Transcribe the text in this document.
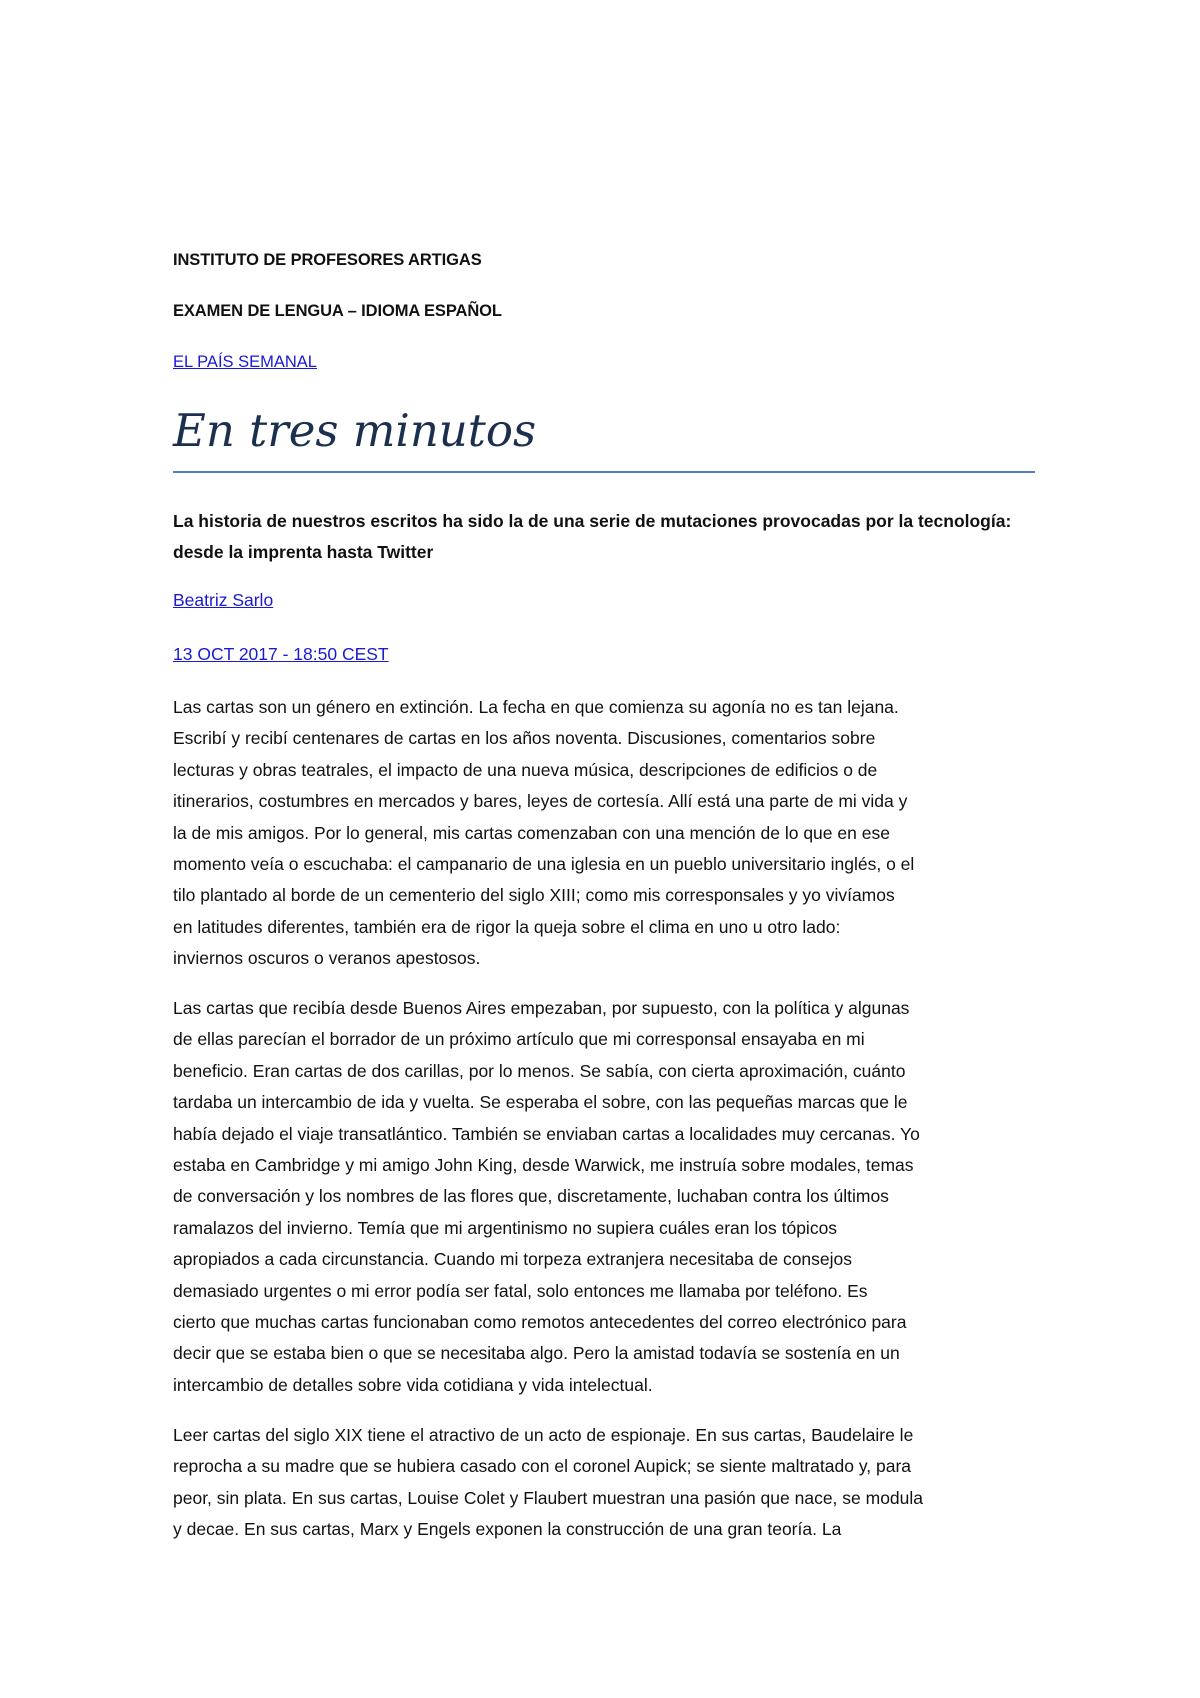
INSTITUTO DE PROFESORES ARTIGAS
EXAMEN DE LENGUA – IDIOMA ESPAÑOL
EL PAÍS SEMANAL
En tres minutos

La historia de nuestros escritos ha sido la de una serie de mutaciones provocadas por la tecnología: desde la imprenta hasta Twitter

Beatriz Sarlo
13 OCT 2017 - 18:50 CEST

Las cartas son un género en extinción. La fecha en que comienza su agonía no es tan lejana.
Escribí y recibí centenares de cartas en los años noventa. Discusiones, comentarios sobre
lecturas y obras teatrales, el impacto de una nueva música, descripciones de edificios o de
itinerarios, costumbres en mercados y bares, leyes de cortesía. Allí está una parte de mi vida y
la de mis amigos. Por lo general, mis cartas comenzaban con una mención de lo que en ese
momento veía o escuchaba: el campanario de una iglesia en un pueblo universitario inglés, o el
tilo plantado al borde de un cementerio del siglo XIII; como mis corresponsales y yo vivíamos
en latitudes diferentes, también era de rigor la queja sobre el clima en uno u otro lado:
inviernos oscuros o veranos apestosos.

Las cartas que recibía desde Buenos Aires empezaban, por supuesto, con la política y algunas
de ellas parecían el borrador de un próximo artículo que mi corresponsal ensayaba en mi
beneficio. Eran cartas de dos carillas, por lo menos. Se sabía, con cierta aproximación, cuánto
tardaba un intercambio de ida y vuelta. Se esperaba el sobre, con las pequeñas marcas que le
había dejado el viaje transatlántico. También se enviaban cartas a localidades muy cercanas. Yo
estaba en Cambridge y mi amigo John King, desde Warwick, me instruía sobre modales, temas
de conversación y los nombres de las flores que, discretamente, luchaban contra los últimos
ramalazos del invierno. Temía que mi argentinismo no supiera cuáles eran los tópicos
apropiados a cada circunstancia. Cuando mi torpeza extranjera necesitaba de consejos
demasiado urgentes o mi error podía ser fatal, solo entonces me llamaba por teléfono. Es
cierto que muchas cartas funcionaban como remotos antecedentes del correo electrónico para
decir que se estaba bien o que se necesitaba algo. Pero la amistad todavía se sostenía en un
intercambio de detalles sobre vida cotidiana y vida intelectual.

Leer cartas del siglo XIX tiene el atractivo de un acto de espionaje. En sus cartas, Baudelaire le
reprocha a su madre que se hubiera casado con el coronel Aupick; se siente maltratado y, para
peor, sin plata. En sus cartas, Louise Colet y Flaubert muestran una pasión que nace, se modula
y decae. En sus cartas, Marx y Engels exponen la construcción de una gran teoría. La
